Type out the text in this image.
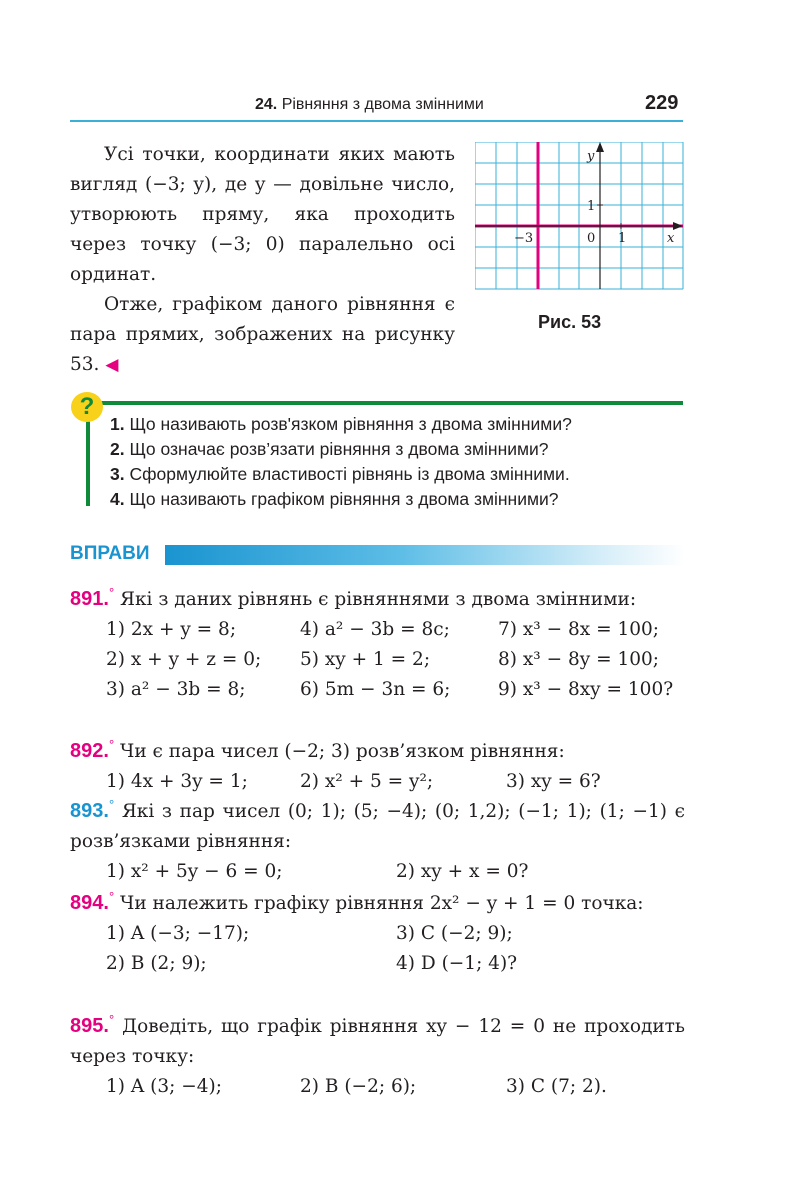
24. Рівняння з двома змінними	229

Усі точки, координати яких мають вигляд (−3; y), де y — довільне число, утворюють пряму, яка проходить через точку (−3; 0) паралельно осі ординат.

Отже, графіком даного рівняння є пара прямих, зображених на рисунку 53. ◀

y
x
0 1
1
−3
Рис. 53
?
1. Що називають розв'язком рівняння з двома змінними?
2. Що означає розв’язати рівняння з двома змінними?
3. Сформулюйте властивості рівнянь із двома змінними.
4. Що називають графіком рівняння з двома змінними?
ВПРАВИ
891.° Які з даних рівнянь є рівняннями з двома змінними:
1) 2x + y = 8;	4) a² − 3b = 8c;	7) x³ − 8x = 100;
2) x + y + z = 0; 5) xy + 1 = 2;	8) x³ − 8y = 100;
3) a² − 3b = 8;	6) 5m − 3n = 6;	9) x³ − 8xy = 100?
892.° Чи є пара чисел (−2; 3) розв’язком рівняння:
1) 4x + 3y = 1;	2) x² + 5 = y²;	3) xy = 6?
893.° Які з пар чисел (0; 1); (5; −4); (0; 1,2); (−1; 1); (1; −1) є розв’язками рівняння:
1) x² + 5y − 6 = 0;	2) xy + x = 0?
894.° Чи належить графіку рівняння 2x² − y + 1 = 0 точка:
1) A (−3; −17);	3) C (−2; 9);
2) B (2; 9);	4) D (−1; 4)?
895.° Доведіть, що графік рівняння xy − 12 = 0 не проходить через точку:
1) A (3; −4);	2) B (−2; 6);	3) C (7; 2).
